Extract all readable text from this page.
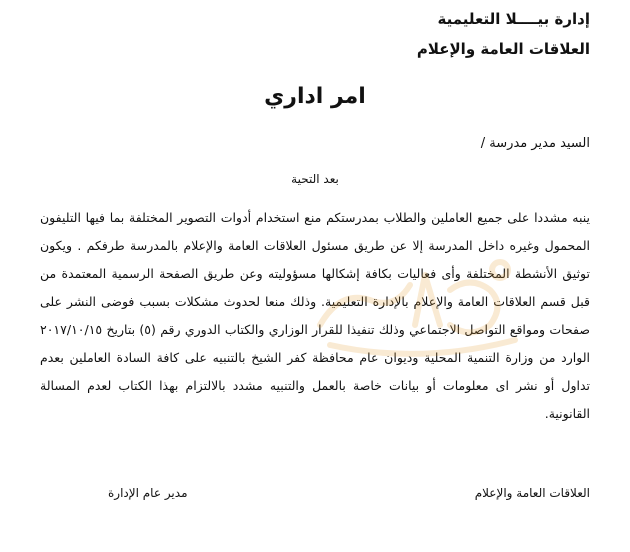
إدارة بيــــلا التعليمية
العلاقات العامة والإعلام
امر اداري
السيد مدير مدرسة /
بعد التحية
ينبه مشددا على جميع العاملين والطلاب بمدرستكم منع استخدام أدوات التصوير المختلفة بما فيها التليفون المحمول وغيره داخل المدرسة إلا عن طريق مسئول العلاقات العامة والإعلام بالمدرسة طرفكم . ويكون توثيق الأنشطة المختلفة وأى فعاليات بكافة إشكالها مسؤوليته وعن طريق الصفحة الرسمية المعتمدة من قبل قسم العلاقات العامة والإعلام بالإدارة التعليمية. وذلك منعا لحدوث مشكلات بسبب فوضى النشر على صفحات ومواقع التواصل الاجتماعي وذلك تنفيذا للقرار الوزاري والكتاب الدوري رقم (٥) بتاريخ ٢٠١٧/١٠/١٥ الوارد من وزارة التنمية المحلية وديوان عام محافظة كفر الشيخ بالتنبيه على كافة السادة العاملين بعدم تداول أو نشر اى معلومات أو بيانات خاصة بالعمل والتنبيه مشدد بالالتزام بهذا الكتاب لعدم المسالة القانونية.
العلاقات العامة والإعلام
مدير عام الإدارة
